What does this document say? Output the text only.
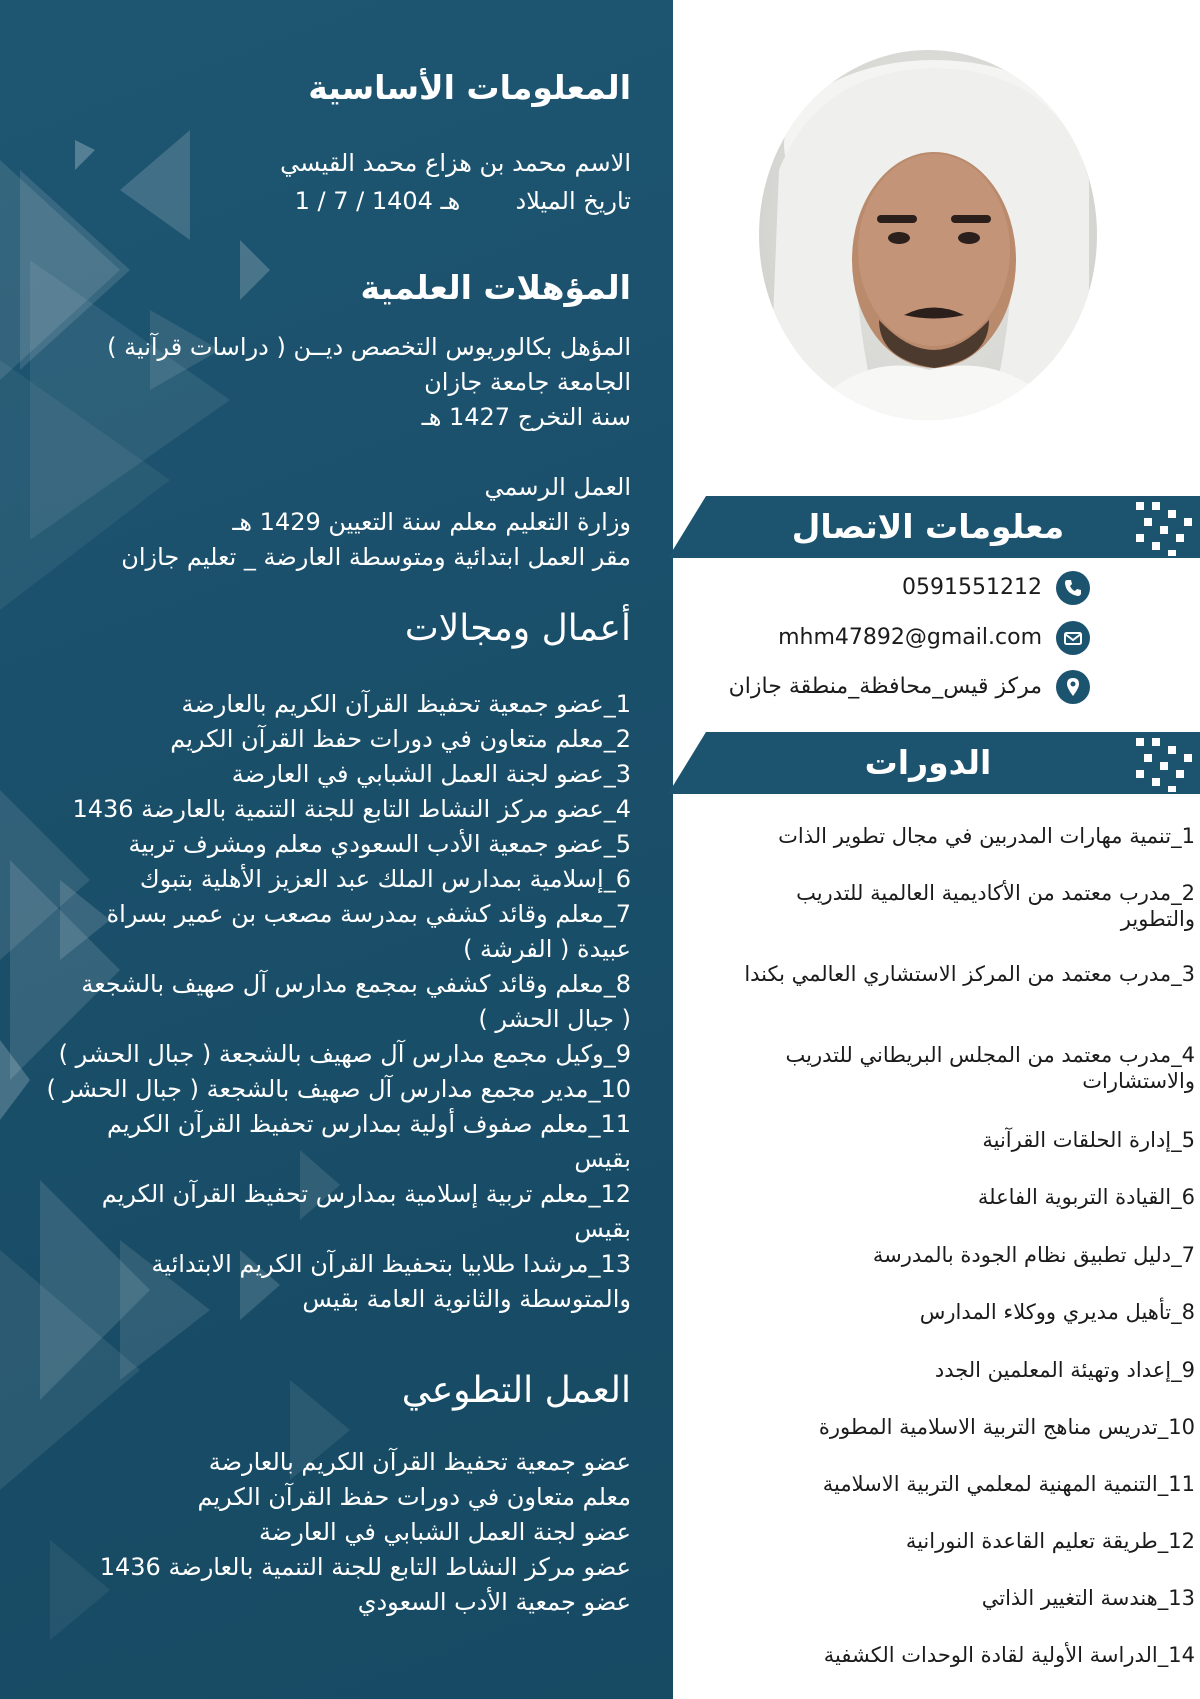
المعلومات الأساسية
الاسم محمد بن هزاع محمد القيسي
تاريخ الميلاد  1 / 7 / 1404 هـ
المؤهلات العلمية
المؤهل بكالوريوس التخصص ديــن ( دراسات قرآنية )
الجامعة جامعة جازان
سنة التخرج 1427 هـ
العمل الرسمي
وزارة التعليم معلم سنة التعيين 1429 هـ
مقر العمل ابتدائية ومتوسطة العارضة _ تعليم جازان
أعمال ومجالات
1_عضو جمعية تحفيظ القرآن الكريم بالعارضة
2_معلم متعاون في دورات حفظ القرآن الكريم
3_عضو لجنة العمل الشبابي في العارضة
4_عضو مركز النشاط التابع للجنة التنمية بالعارضة 1436
5_عضو جمعية الأدب السعودي معلم ومشرف تربية
6_إسلامية بمدارس الملك عبد العزيز الأهلية بتبوك
7_معلم وقائد كشفي بمدرسة مصعب بن عمير بسراة
عبيدة ( الفرشة )
8_معلم وقائد كشفي بمجمع مدارس آل صهيف بالشجعة
( جبال الحشر )
9_وكيل مجمع مدارس آل صهيف بالشجعة ( جبال الحشر )
10_مدير مجمع مدارس آل صهيف بالشجعة ( جبال الحشر )
11_معلم صفوف أولية بمدارس تحفيظ القرآن الكريم
بقيس
12_معلم تربية إسلامية بمدارس تحفيظ القرآن الكريم
بقيس
13_مرشدا طلابيا بتحفيظ القرآن الكريم الابتدائية
والمتوسطة والثانوية العامة بقيس
العمل التطوعي
عضو جمعية تحفيظ القرآن الكريم بالعارضة
معلم متعاون في دورات حفظ القرآن الكريم
عضو لجنة العمل الشبابي في العارضة
عضو مركز النشاط التابع للجنة التنمية بالعارضة 1436
عضو جمعية الأدب السعودي
معلومات الاتصال
0591551212
mhm47892@gmail.com
مركز قيس_محافظة_منطقة جازان
الدورات
1_تنمية مهارات المدربين في مجال تطوير الذات
2_مدرب معتمد من الأكاديمية العالمية للتدريب والتطوير
3_مدرب معتمد من المركز الاستشاري العالمي بكندا
4_مدرب معتمد من المجلس البريطاني للتدريب والاستشارات
5_إدارة الحلقات القرآنية
6_القيادة التربوية الفاعلة
7_دليل تطبيق نظام الجودة بالمدرسة
8_تأهيل مديري ووكلاء المدارس
9_إعداد وتهيئة المعلمين الجدد
10_تدريس مناهج التربية الاسلامية المطورة
11_التنمية المهنية لمعلمي التربية الاسلامية
12_طريقة تعليم القاعدة النورانية
13_هندسة التغيير الذاتي
14_الدراسة الأولية لقادة الوحدات الكشفية
